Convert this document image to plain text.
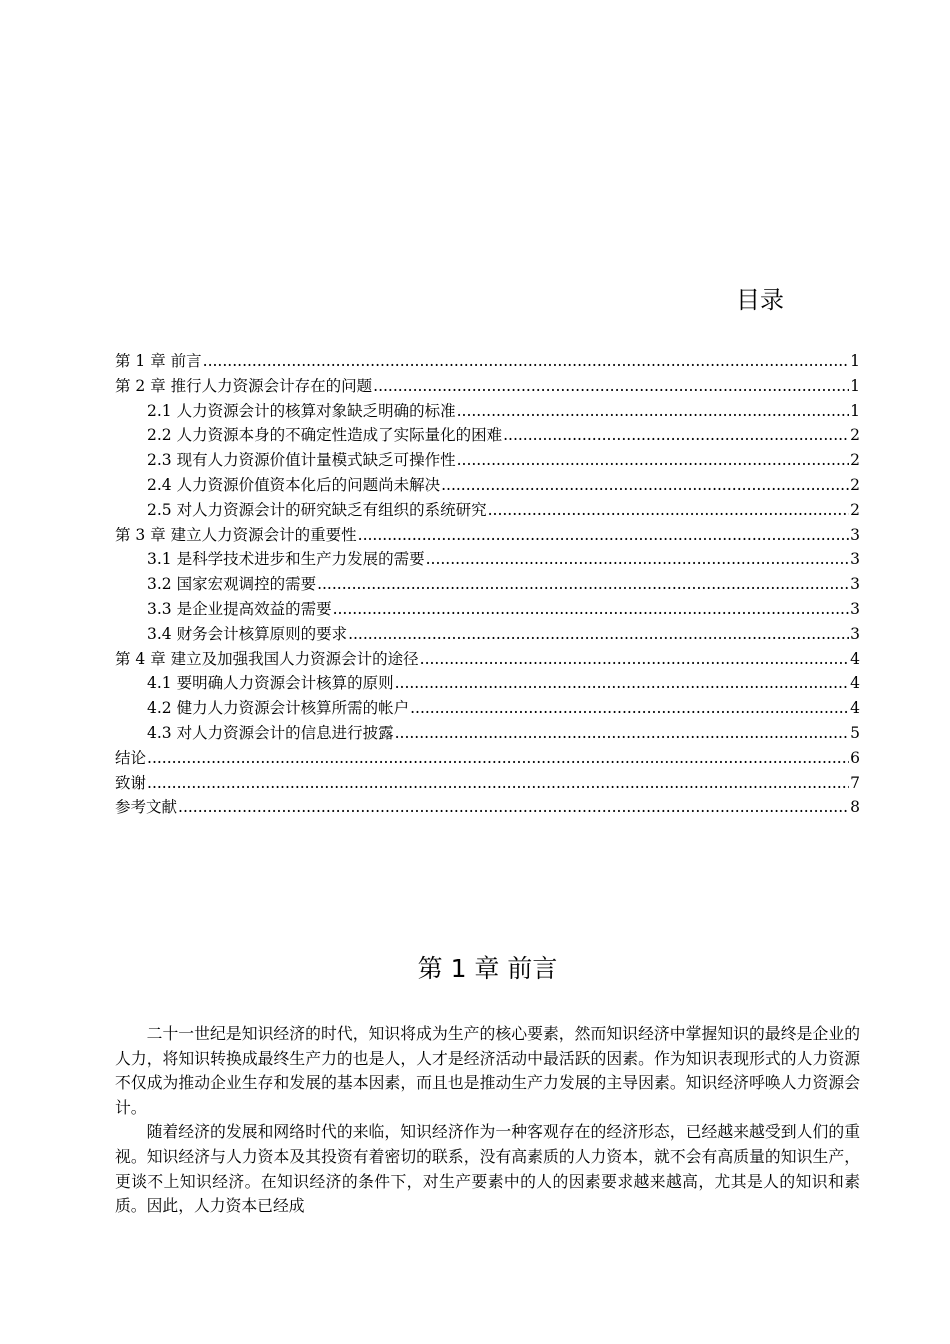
目录
第 1 章 前言 .....	1
第 2 章 推行人力资源会计存在的问题 .....	1
2.1 人力资源会计的核算对象缺乏明确的标准 .....	1
2.2 人力资源本身的不确定性造成了实际量化的困难 .....	2
2.3 现有人力资源价值计量模式缺乏可操作性 .....	2
2.4 人力资源价值资本化后的问题尚未解决 .....	2
2.5 对人力资源会计的研究缺乏有组织的系统研究 .....	2
第 3 章 建立人力资源会计的重要性 .....	3
3.1 是科学技术进步和生产力发展的需要 .....	3
3.2 国家宏观调控的需要 .....	3
3.3 是企业提高效益的需要 .....	3
3.4 财务会计核算原则的要求 .....	3
第 4 章 建立及加强我国人力资源会计的途径 .....	4
4.1 要明确人力资源会计核算的原则 .....	4
4.2 健力人力资源会计核算所需的帐户 .....	4
4.3 对人力资源会计的信息进行披露 .....	5
结论 .....	6
致谢 .....	7
参考文献 .....	8
第 1 章 前言

二十一世纪是知识经济的时代，知识将成为生产的核心要素，然而知识经济中掌握知识的最终是企业的人力，将知识转换成最终生产力的也是人，人才是经济活动中最活跃的因素。作为知识表现形式的人力资源不仅成为推动企业生存和发展的基本因素，而且也是推动生产力发展的主导因素。知识经济呼唤人力资源会计。

随着经济的发展和网络时代的来临，知识经济作为一种客观存在的经济形态，已经越来越受到人们的重视。知识经济与人力资本及其投资有着密切的联系，没有高素质的人力资本，就不会有高质量的知识生产，更谈不上知识经济。在知识经济的条件下，对生产要素中的人的因素要求越来越高，尤其是人的知识和素质。因此，人力资本已经成
